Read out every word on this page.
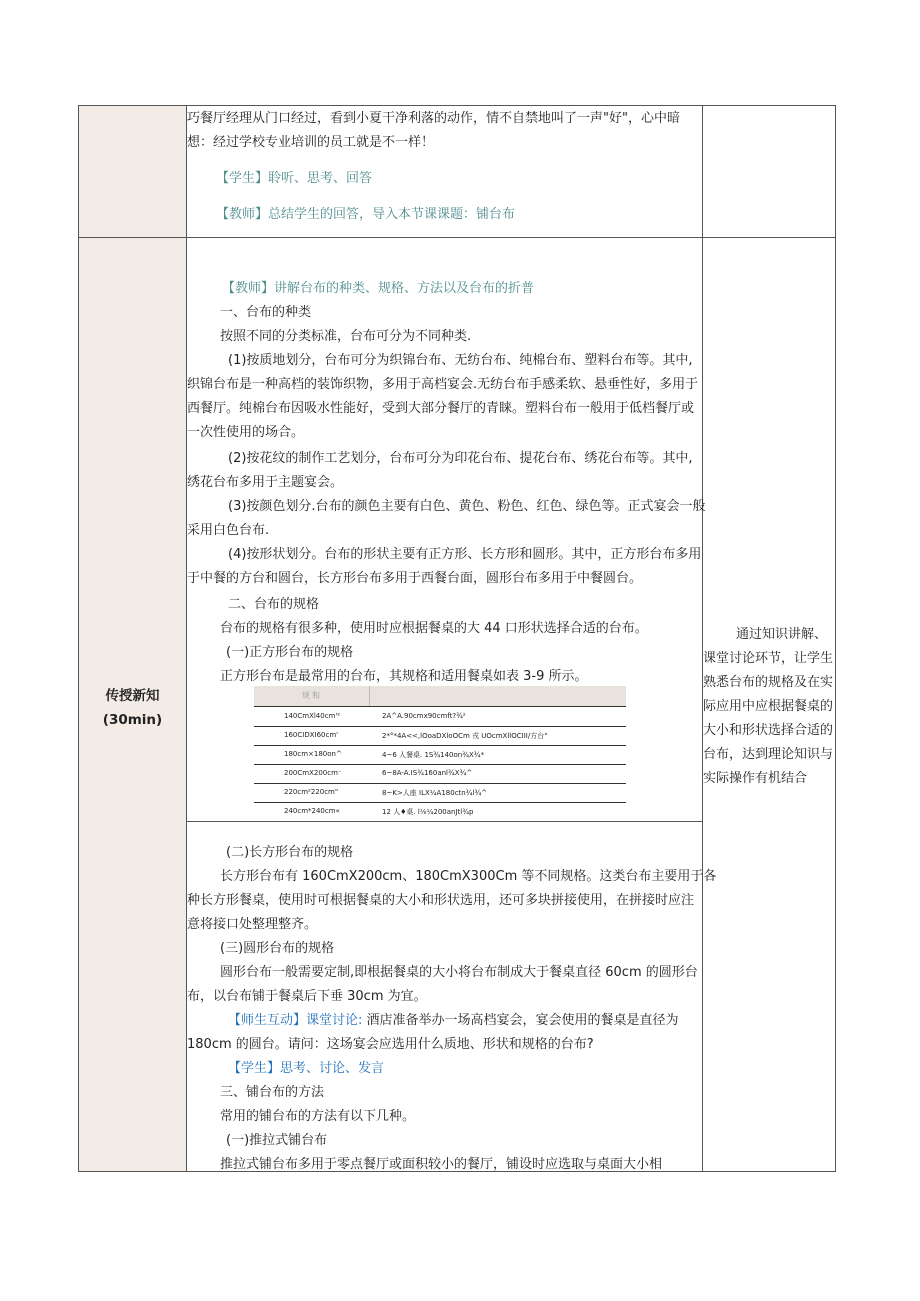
巧餐厅经理从门口经过，看到小夏干净利落的动作，情不自禁地叫了一声"好"，心中暗
想：经过学校专业培训的员工就是不一样！
【学生】聆听、思考、回答
【教师】总结学生的回答，导入本节课课题：铺台布
传授新知
(30min)
通过知识讲解、
课堂讨论环节，让学生
熟悉台布的规格及在实
际应用中应根据餐桌的
大小和形状选择合适的
台布，达到理论知识与
实际操作有机结合
【教师】讲解台布的种类、规格、方法以及台布的折普
一、台布的种类
按照不同的分类标准，台布可分为不同种类.
(1)按质地划分，台布可分为织锦台布、无纺台布、纯棉台布、塑料台布等。其中,
织锦台布是一种高档的装饰织物，多用于高档宴会.无纺台布手感柔软、悬垂性好，多用于
西餐厅。纯棉台布因吸水性能好，受到大部分餐厅的青睐。塑料台布一般用于低档餐厅或
一次性使用的场合。
(2)按花纹的制作工艺划分，台布可分为印花台布、提花台布、绣花台布等。其中,
绣花台布多用于主题宴会。
(3)按颜色划分.台布的颜色主要有白色、黄色、粉色、红色、绿色等。正式宴会一般
采用白色台布.
(4)按形状划分。台布的形状主要有正方形、长方形和圆形。其中，正方形台布多用
于中餐的方台和圆台，长方形台布多用于西餐台面，圆形台布多用于中餐圆台。
二、台布的规格
台布的规格有很多种，使用时应根据餐桌的大 44 口形状选择合适的台布。
(一)正方形台布的规格
正方形台布是最常用的台布，其规格和适用餐桌如表 3-9 所示。
规和
140CmXl40cm'²	2A^A.90cmx90cmft?¾²
160CIDXI60cm'	2*°*4A<<,lOoaDXloOCm 戎 UOcmXllOCIII/方台"
180cm×180on^	4~6 人餐桌. 1S¾140on¾X¾*
200CmX200cm⁻	6~8A-A.IS¾160anl¾X¾^
220cm²220cm"	8~K>人座 ILX¼A180ctn¾l¾^
240cm*240cm«	12 人♦桌. l⅛¼200anJtl¾p
(二)长方形台布的规格
长方形台布有 160CmX200cm、180CmX300Cm 等不同规格。这类台布主要用于各
种长方形餐桌，使用时可根据餐桌的大小和形状选用，还可多块拼接使用，在拼接时应注
意将接口处整理整齐。
(三)圆形台布的规格
圆形台布一般需要定制,即根据餐桌的大小将台布制成大于餐桌直径 60cm 的圆形台
布，以台布铺于餐桌后下垂 30cm 为宜。
【师生互动】课堂讨论: 酒店准备举办一场高档宴会，宴会使用的餐桌是直径为
180cm 的圆台。请问：这场宴会应选用什么质地、形状和规格的台布?
【学生】思考、讨论、发言
三、铺台布的方法
常用的铺台布的方法有以下几种。
(一)推拉式铺台布
推拉式铺台布多用于零点餐厅或面积较小的餐厅，铺设时应选取与桌面大小相
